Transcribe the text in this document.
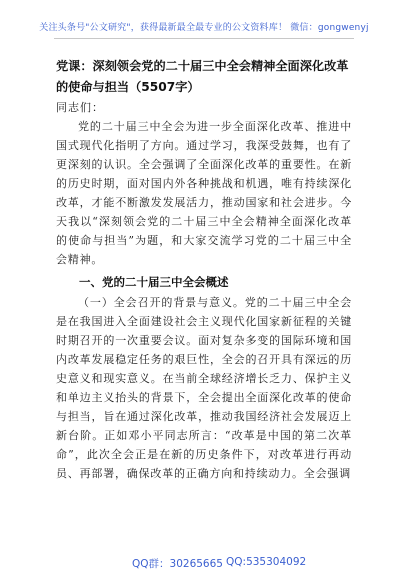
关注头条号"公文研究"，获得最新最全最专业的公文资料库！ 微信：gongwenyj

党课：深刻领会党的二十届三中全会精神全面深化改革的使命与担当（5507字）

同志们：

党的二十届三中全会为进一步全面深化改革、推进中国式现代化指明了方向。通过学习，我深受鼓舞，也有了更深刻的认识。全会强调了全面深化改革的重要性。在新的历史时期，面对国内外各种挑战和机遇，唯有持续深化改革，才能不断激发发展活力，推动国家和社会进步。今天我以“深刻领会党的二十届三中全会精神全面深化改革的使命与担当”为题，和大家交流学习党的二十届三中全会精神。

一、党的二十届三中全会概述

（一）全会召开的背景与意义。党的二十届三中全会是在我国进入全面建设社会主义现代化国家新征程的关键时期召开的一次重要会议。面对复杂多变的国际环境和国内改革发展稳定任务的艰巨性，全会的召开具有深远的历史意义和现实意义。在当前全球经济增长乏力、保护主义和单边主义抬头的背景下，全会提出全面深化改革的使命与担当，旨在通过深化改革，推动我国经济社会发展迈上新台阶。正如邓小平同志所言：“改革是中国的第二次革命”，此次全会正是在新的历史条件下，对改革进行再动员、再部署，确保改革的正确方向和持续动力。全会强调

QQ群：30265665 QQ:535304092
